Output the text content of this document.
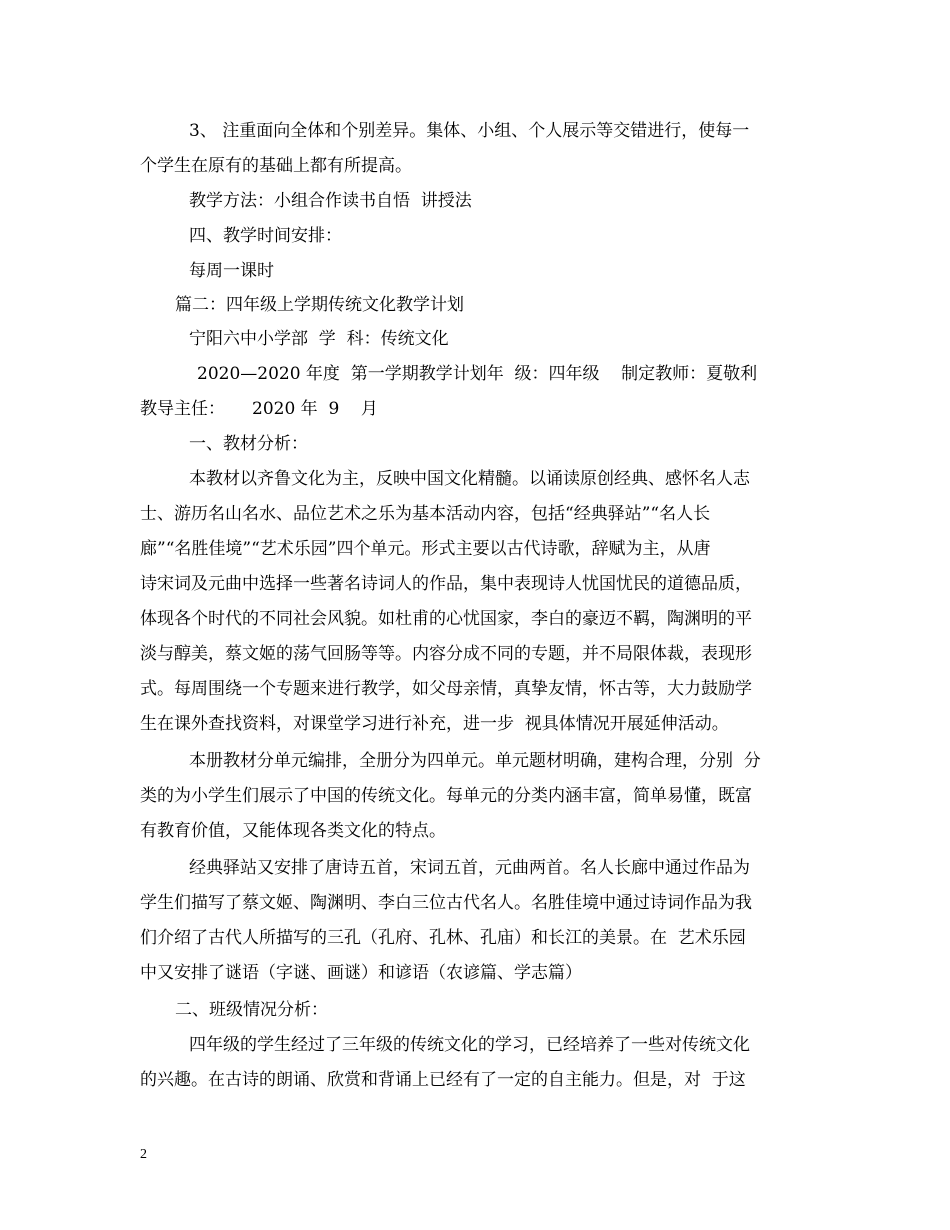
3、 注重面向全体和个别差异。集体、小组、个人展示等交错进行，使每一
个学生在原有的基础上都有所提高。
教学方法：小组合作读书自悟  讲授法
四、教学时间安排：
每周一课时
篇二：四年级上学期传统文化教学计划
宁阳六中小学部  学  科：传统文化
2020—2020 年度  第一学期教学计划年  级：四年级    制定教师：夏敬利
教导主任：     2020 年  9    月
一、教材分析：
本教材以齐鲁文化为主，反映中国文化精髓。以诵读原创经典、感怀名人志
士、游历名山名水、品位艺术之乐为基本活动内容，包括“经典驿站”“名人长
廊”“名胜佳境”“艺术乐园”四个单元。形式主要以古代诗歌，辞赋为主，从唐
诗宋词及元曲中选择一些著名诗词人的作品，集中表现诗人忧国忧民的道德品质，
体现各个时代的不同社会风貌。如杜甫的心忧国家，李白的豪迈不羁，陶渊明的平
淡与醇美，蔡文姬的荡气回肠等等。内容分成不同的专题，并不局限体裁，表现形
式。每周围绕一个专题来进行教学，如父母亲情，真挚友情，怀古等，大力鼓励学
生在课外查找资料，对课堂学习进行补充，进一步  视具体情况开展延伸活动。
本册教材分单元编排，全册分为四单元。单元题材明确，建构合理，分别  分
类的为小学生们展示了中国的传统文化。每单元的分类内涵丰富，简单易懂，既富
有教育价值，又能体现各类文化的特点。
经典驿站又安排了唐诗五首，宋词五首，元曲两首。名人长廊中通过作品为
学生们描写了蔡文姬、陶渊明、李白三位古代名人。名胜佳境中通过诗词作品为我
们介绍了古代人所描写的三孔（孔府、孔林、孔庙）和长江的美景。在  艺术乐园
中又安排了谜语（字谜、画谜）和谚语（农谚篇、学志篇）
二、班级情况分析：
四年级的学生经过了三年级的传统文化的学习，已经培养了一些对传统文化
的兴趣。在古诗的朗诵、欣赏和背诵上已经有了一定的自主能力。但是，对  于这
2
